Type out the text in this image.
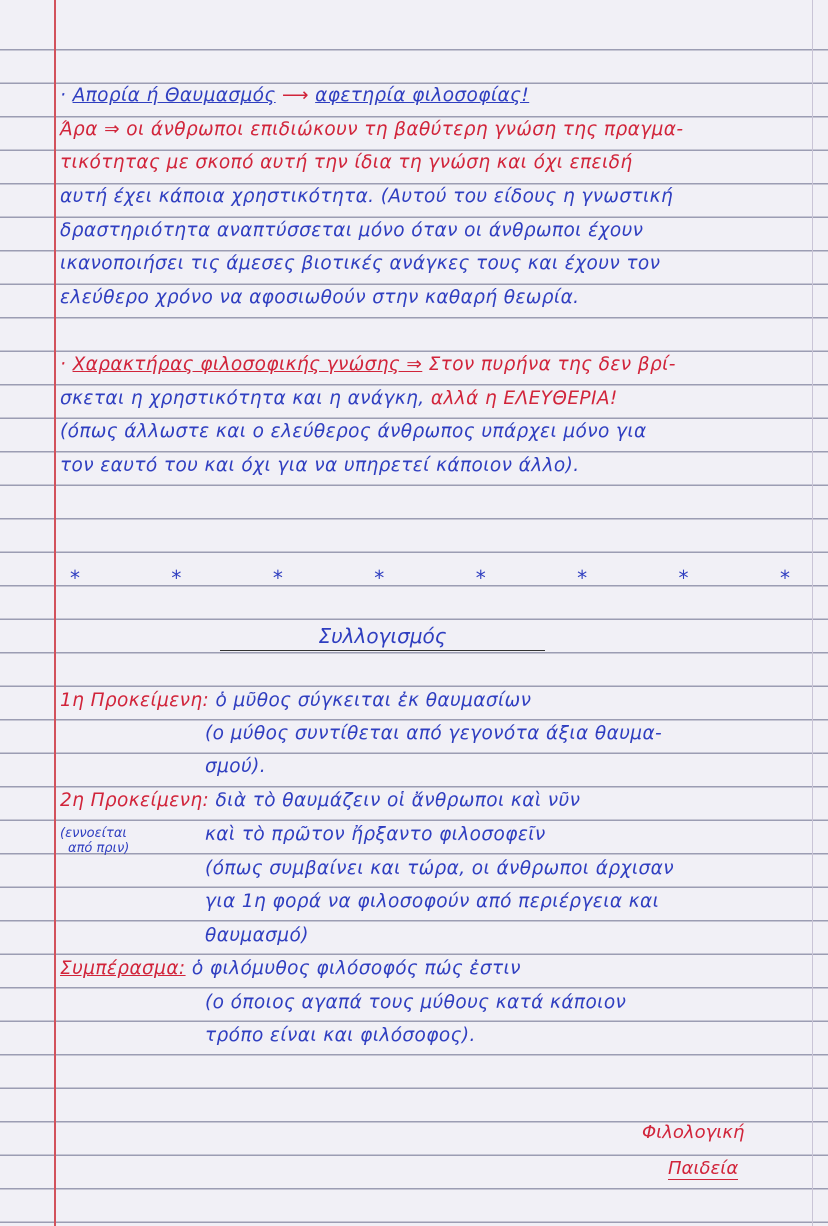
· Απορία ή Θαυμασμός ⟶ αφετηρία φιλοσοφίας!
Άρα ⇒ οι άνθρωποι επιδιώκουν τη βαθύτερη γνώση της πραγμα-
τικότητας με σκοπό αυτή την ίδια τη γνώση και όχι επειδή
αυτή έχει κάποια χρηστικότητα. (Αυτού του είδους η γνωστική
δραστηριότητα αναπτύσσεται μόνο όταν οι άνθρωποι έχουν
ικανοποιήσει τις άμεσες βιοτικές ανάγκες τους και έχουν τον
ελεύθερο χρόνο να αφοσιωθούν στην καθαρή θεωρία.
· Χαρακτήρας φιλοσοφικής γνώσης ⇒ Στον πυρήνα της δεν βρί-
σκεται η χρηστικότητα και η ανάγκη, αλλά η ΕΛΕΥΘΕΡΙΑ!
(όπως άλλωστε και ο ελεύθερος άνθρωπος υπάρχει μόνο για
τον εαυτό του και όχι για να υπηρετεί κάποιον άλλο).
*	*	*	*	*	*	*	*
Συλλογισμός
1η Προκείμενη: ὁ μῦθος σύγκειται ἐκ θαυμασίων
(ο μύθος συντίθεται από γεγονότα άξια θαυμα-
σμού).
2η Προκείμενη: διὰ τὸ θαυμάζειν οἱ ἄνθρωποι καὶ νῦν
(εννοείται
από πριν)
καὶ τὸ πρῶτον ἤρξαντο φιλοσοφεῖν
(όπως συμβαίνει και τώρα, οι άνθρωποι άρχισαν
για 1η φορά να φιλοσοφούν από περιέργεια και
θαυμασμό)
Συμπέρασμα: ὁ φιλόμυθος φιλόσοφός πώς ἐστιν
(ο όποιος αγαπά τους μύθους κατά κάποιον
τρόπο είναι και φιλόσοφος).
Φιλολογική
Παιδεία
